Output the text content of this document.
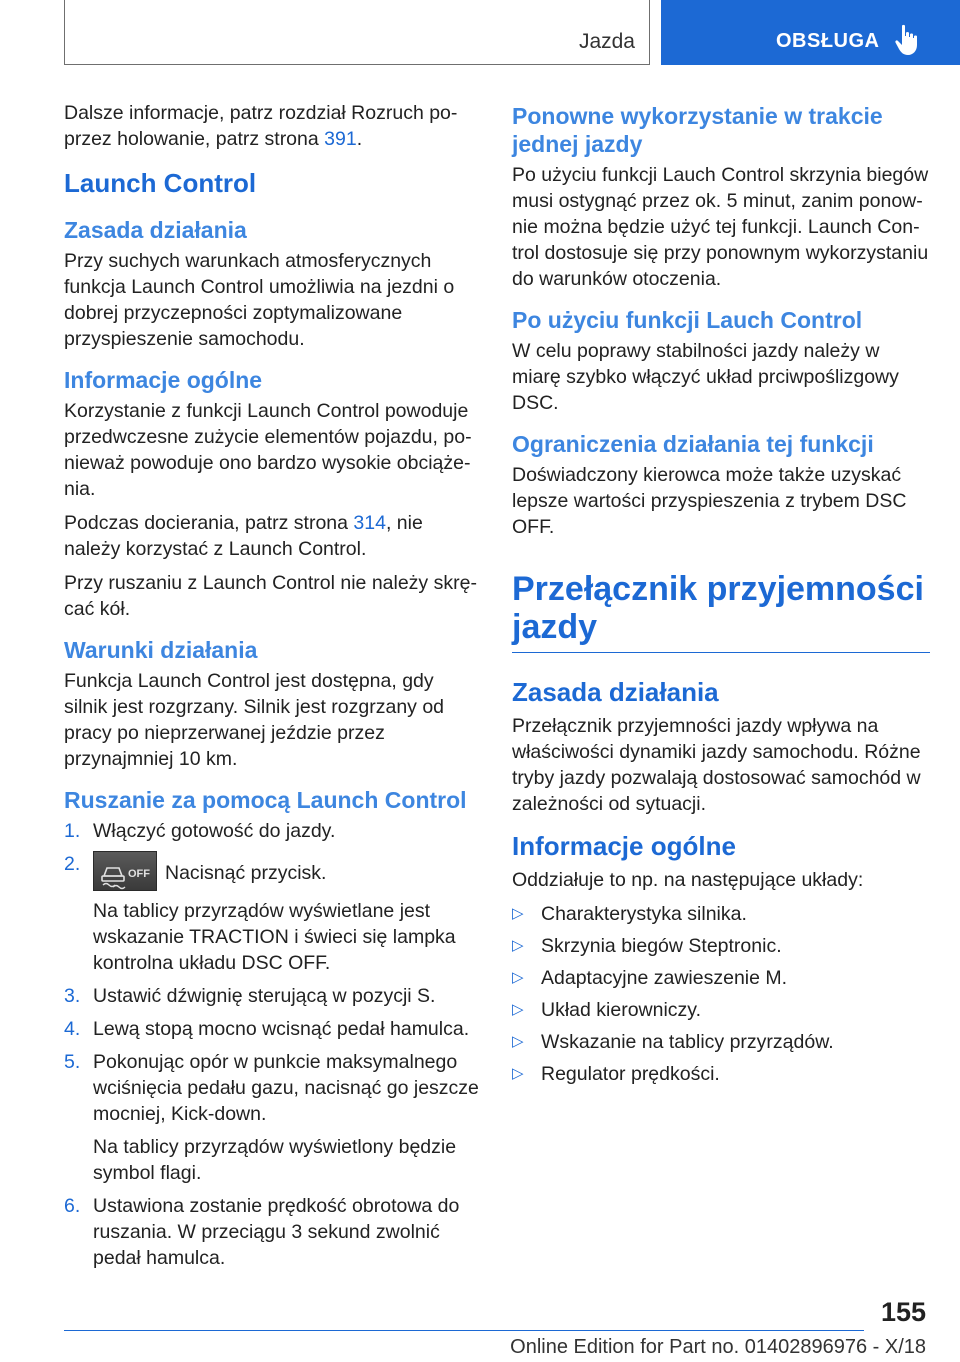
Jazda	OBSŁUGA

Dalsze informacje, patrz rozdział Rozruch poprzez holowanie, patrz strona 391.

Launch Control
Zasada działania

Przy suchych warunkach atmosferycznych funkcja Launch Control umożliwia na jezdni o dobrej przyczepności zoptymalizowane przyspieszenie samochodu.

Informacje ogólne

Korzystanie z funkcji Launch Control powoduje przedwczesne zużycie elementów pojazdu, ponieważ powoduje ono bardzo wysokie obciążenia.

Podczas docierania, patrz strona 314, nie należy korzystać z Launch Control.

Przy ruszaniu z Launch Control nie należy skręcać kół.

Warunki działania

Funkcja Launch Control jest dostępna, gdy silnik jest rozgrzany. Silnik jest rozgrzany od pracy po nieprzerwanej jeździe przez przynajmniej 10 km.

Ruszanie za pomocą Launch Control
1. Włączyć gotowość do jazdy.
2.	OFF Nacisnąć przycisk.
Na tablicy przyrządów wyświetlane jest wskazanie TRACTION i świeci się lampka kontrolna układu DSC OFF.
3. Ustawić dźwignię sterującą w pozycji S.
4. Lewą stopą mocno wcisnąć pedał hamulca.
5. Pokonując opór w punkcie maksymalnego wciśnięcia pedału gazu, nacisnąć go jeszcze mocniej, Kick-down.
Na tablicy przyrządów wyświetlony będzie symbol flagi.
6. Ustawiona zostanie prędkość obrotowa do ruszania. W przeciągu 3 sekund zwolnić pedał hamulca.
Ponowne wykorzystanie w trakcie jednej jazdy

Po użyciu funkcji Lauch Control skrzynia biegów musi ostygnąć przez ok. 5 minut, zanim ponownie można będzie użyć tej funkcji. Launch Control dostosuje się przy ponownym wykorzystaniu do warunków otoczenia.

Po użyciu funkcji Lauch Control

W celu poprawy stabilności jazdy należy w miarę szybko włączyć układ prciwpoślizgowy DSC.

Ograniczenia działania tej funkcji

Doświadczony kierowca może także uzyskać lepsze wartości przyspieszenia z trybem DSC OFF.

Przełącznik przyjemności jazdy
Zasada działania

Przełącznik przyjemności jazdy wpływa na właściwości dynamiki jazdy samochodu. Różne tryby jazdy pozwalają dostosować samochód w zależności od sytuacji.

Informacje ogólne

Oddziałuje to np. na następujące układy:

▷ Charakterystyka silnika.
▷ Skrzynia biegów Steptronic.
▷ Adaptacyjne zawieszenie M.
▷ Układ kierowniczy.
▷ Wskazanie na tablicy przyrządów.
▷ Regulator prędkości.
155
Online Edition for Part no. 01402896976 - X/18
